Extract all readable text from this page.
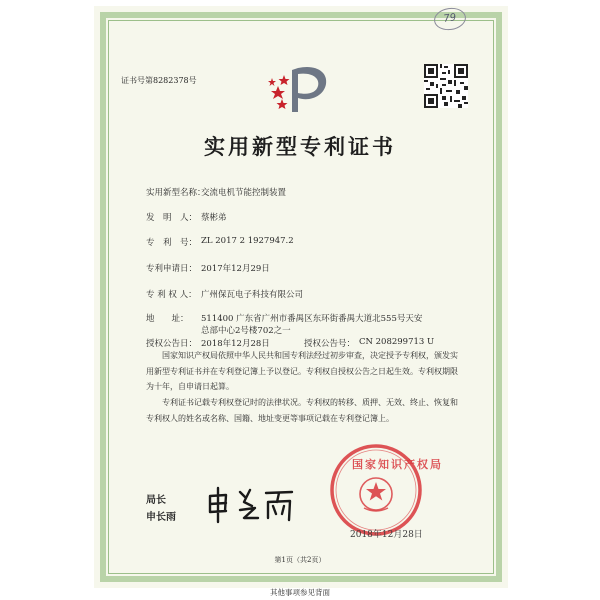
证书号第8282378号
79
实用新型专利证书
实用新型名称：
交流电机节能控制装置
发　明　人： 蔡彬弟
专　利　号： ZL 2017 2 1927947.2
专利申请日： 2017年12月29日
专 利 权 人： 广州保瓦电子科技有限公司
地　　址： 511400 广东省广州市番禺区东环街番禺大道北555号天安
总部中心2号楼702之一
授权公告日： 2018年12月28日	授权公告号： CN 208299713 U
国家知识产权局依照中华人民共和国专利法经过初步审查，决定授予专利权，颁发实用新型专利证书并在专利登记簿上予以登记。专利权自授权公告之日起生效。专利权期限为十年，自申请日起算。
专利证书记载专利权登记时的法律状况。专利权的转移、质押、无效、终止、恢复和专利权人的姓名或名称、国籍、地址变更等事项记载在专利登记簿上。
局长
申长雨
国家知识产权局
2018年12月28日
第1页（共2页）
其他事项参见背面
